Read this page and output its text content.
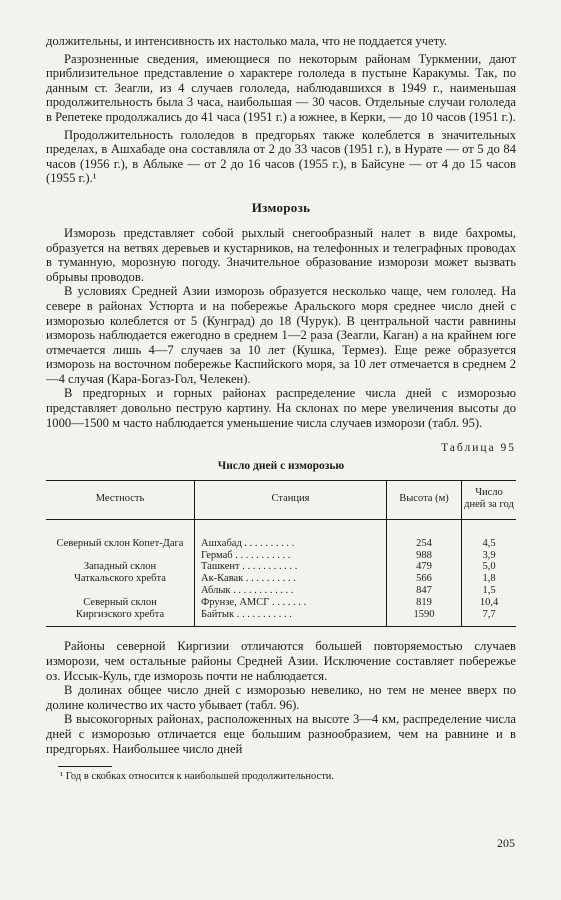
должительны, и интенсивность их настолько мала, что не поддается учету.

Разрозненные сведения, имеющиеся по некоторым районам Туркмении, дают приблизительное представление о характере гололеда в пустыне Каракумы. Так, по данным ст. Зеагли, из 4 случаев гололеда, наблюдавшихся в 1949 г., наименьшая продолжительность была 3 часа, наибольшая — 30 часов. Отдельные случаи гололеда в Репетеке продолжались до 41 часа (1951 г.) а южнее, в Керки, — до 10 часов (1951 г.).

Продолжительность гололедов в предгорьях также колеблется в значительных пределах, в Ашхабаде она составляла от 2 до 33 часов (1951 г.), в Нурате — от 5 до 84 часов (1956 г.), в Аблыке — от 2 до 16 часов (1955 г.), в Байсуне — от 4 до 15 часов (1955 г.).¹

Изморозь

Изморозь представляет собой рыхлый снегообразный налет в виде бахромы, образуется на ветвях деревьев и кустарников, на телефонных и телеграфных проводах в туманную, морозную погоду. Значительное образование изморози может вызвать обрывы проводов.

В условиях Средней Азии изморозь образуется несколько чаще, чем гололед. На севере в районах Устюрта и на побережье Аральского моря среднее число дней с изморозью колеблется от 5 (Кунград) до 18 (Чурук). В центральной части равнины изморозь наблюдается ежегодно в среднем 1—2 раза (Зеагли, Каган) а на крайнем юге отмечается лишь 4—7 случаев за 10 лет (Кушка, Термез). Еще реже образуется изморозь на восточном побережье Каспийского моря, за 10 лет отмечается в среднем 2—4 случая (Кара-Богаз-Гол, Челекен).

В предгорных и горных районах распределение числа дней с изморозью представляет довольно пеструю картину. На склонах по мере увеличения высоты до 1000—1500 м часто наблюдается уменьшение числа случаев изморози (табл. 95).

Таблица 95
Число дней с изморозью
Местность	Станция	Высота (м)	Число дней за год

Северный склон Копет-Дага	Ашхабад . . . . . . . . . .	254	4,5
	Гермаб . . . . . . . . . . .	988	3,9
Западный склон	Ташкент . . . . . . . . . . .	479	5,0
Чаткальского хребта	Ак-Кавак . . . . . . . . . .	566	1,8
	Аблык . . . . . . . . . . . .	847	1,5
Северный склон	Фрунзе, АМСГ . . . . . . .	819	10,4
Киргизского хребта	Байтык . . . . . . . . . . .	1590	7,7

Районы северной Киргизии отличаются большей повторяемостью случаев изморози, чем остальные районы Средней Азии. Исключение составляет побережье оз. Иссык-Куль, где изморозь почти не наблюдается.

В долинах общее число дней с изморозью невелико, но тем не менее вверх по долине количество их часто убывает (табл. 96).

В высокогорных районах, расположенных на высоте 3—4 км, распределение числа дней с изморозью отличается еще большим разнообразием, чем на равнине и в предгорьях. Наибольшее число дней

¹ Год в скобках относится к наибольшей продолжительности.

205
